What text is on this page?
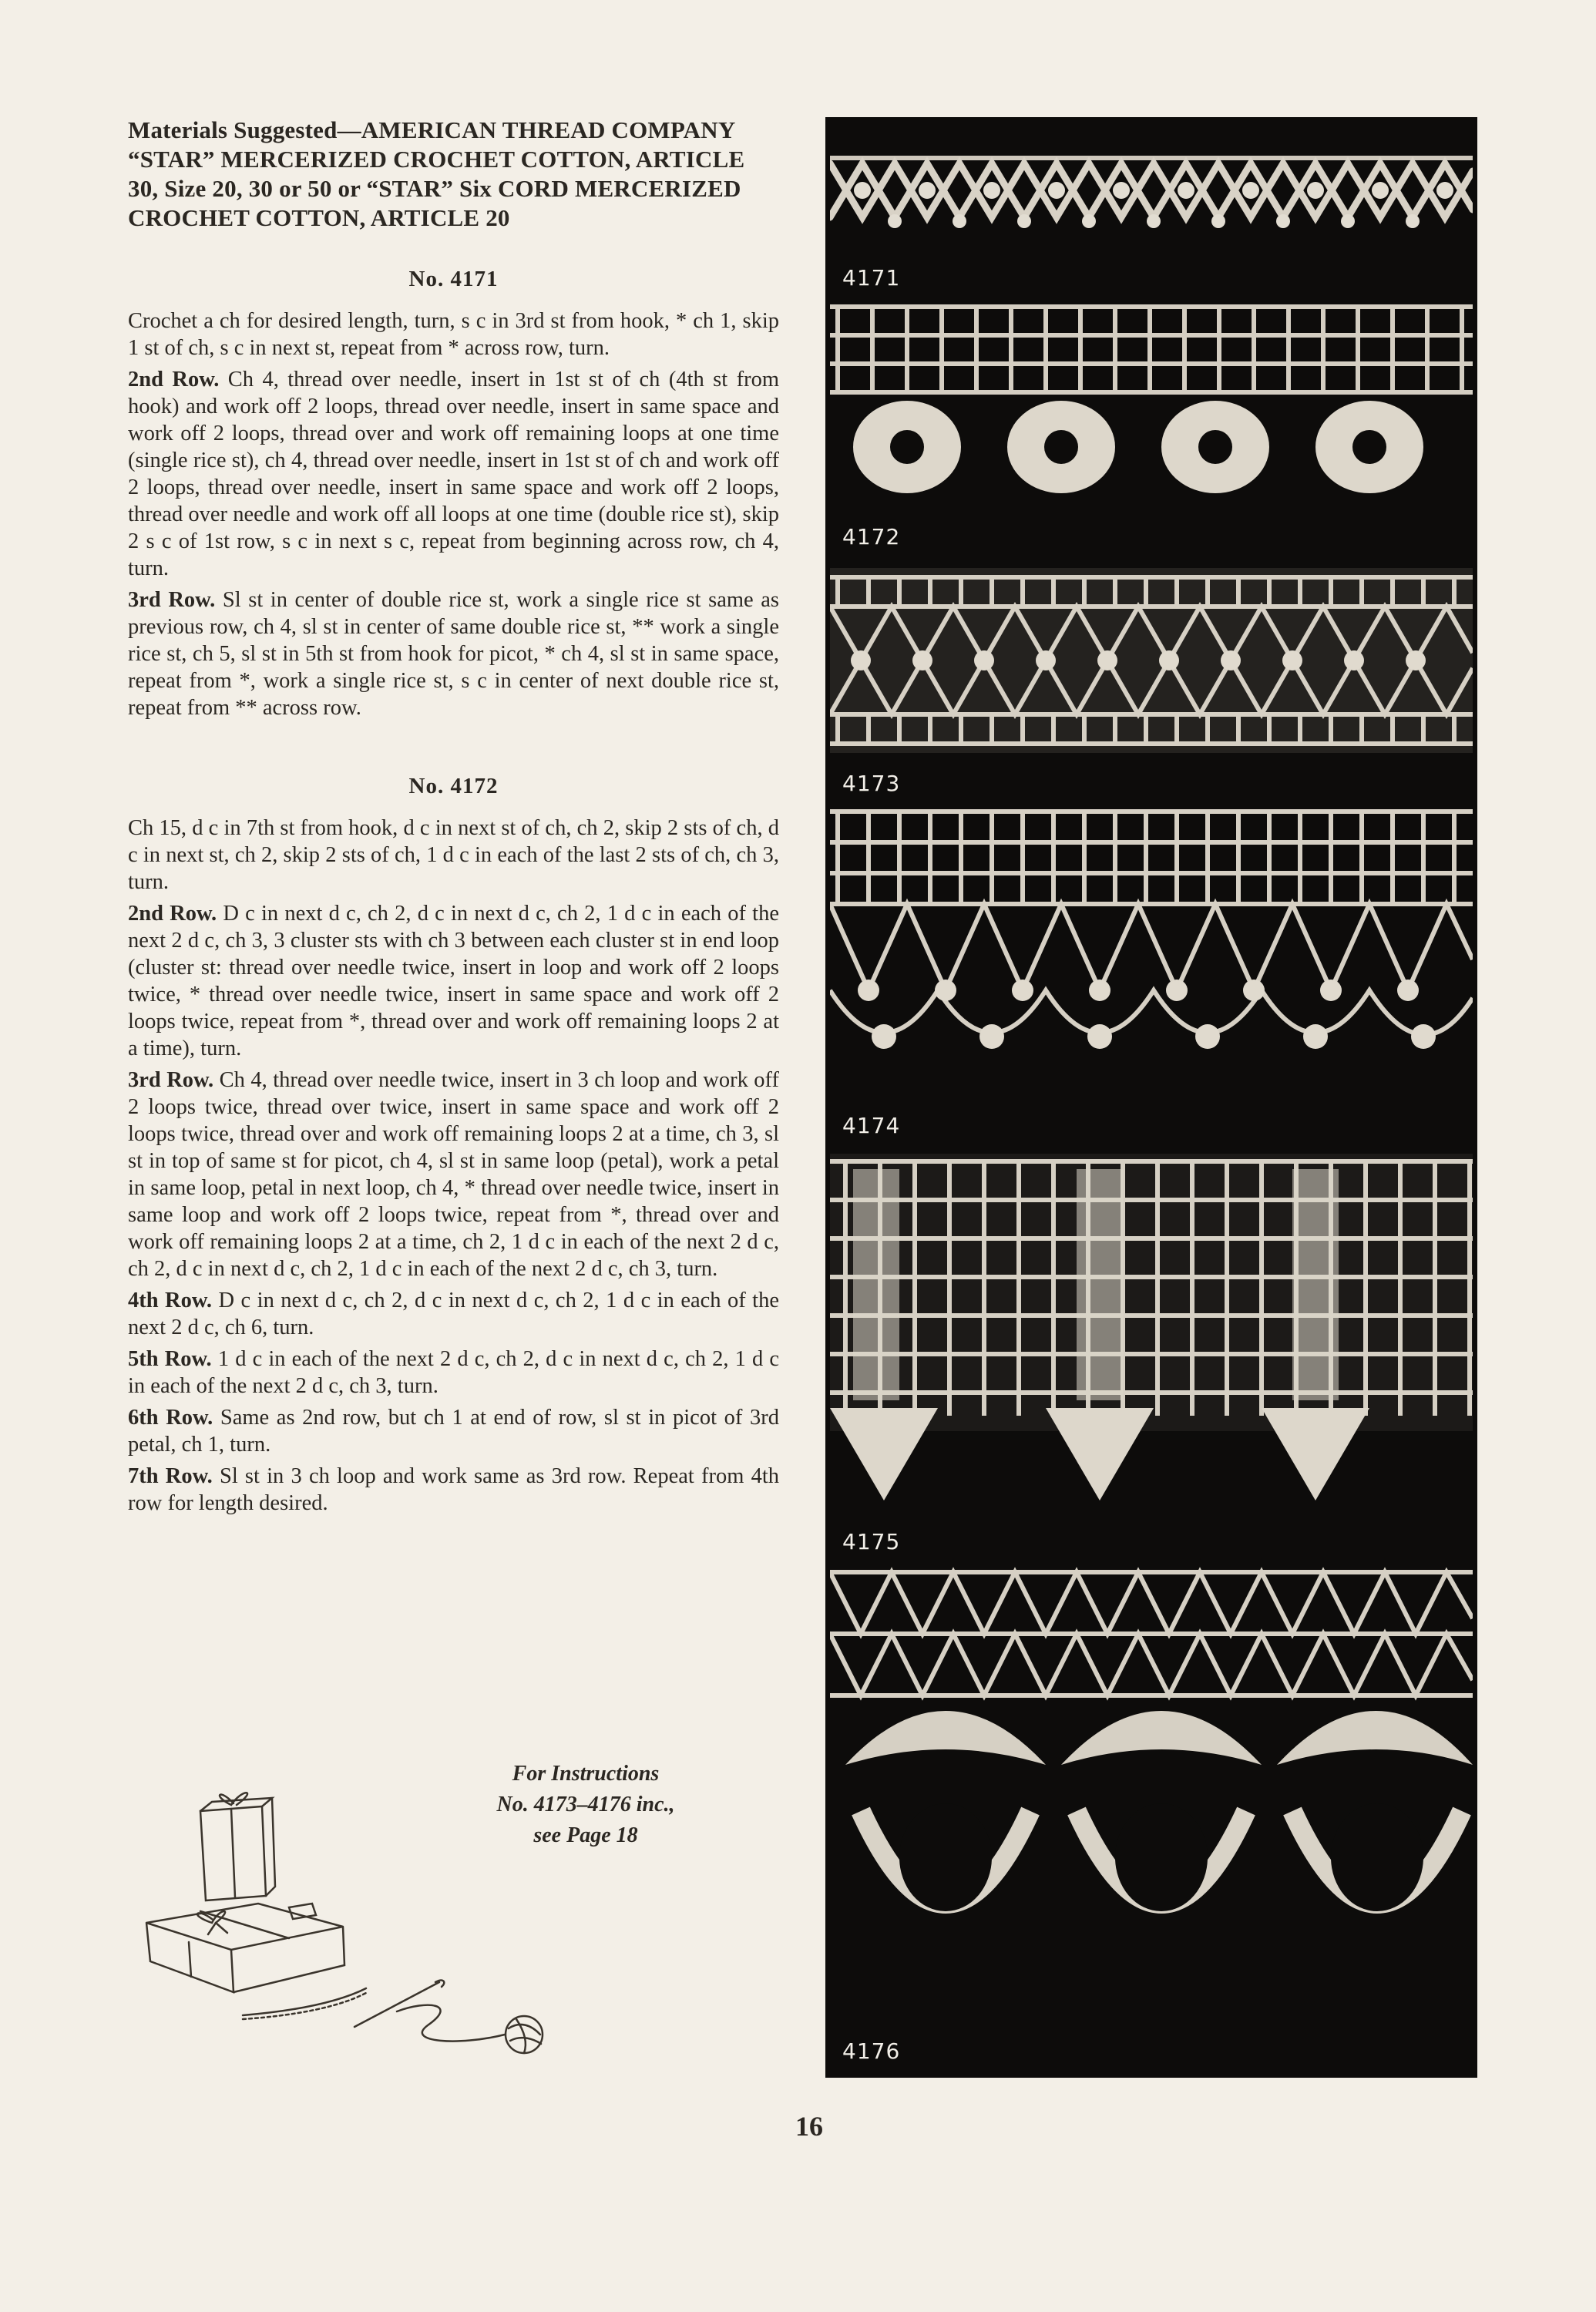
Materials Suggested—AMERICAN THREAD COMPANY “STAR” MERCERIZED CROCHET COTTON, ARTICLE 30, Size 20, 30 or 50 or “STAR” Six CORD MERCERIZED CROCHET COTTON, ARTICLE 20

No. 4171

Crochet a ch for desired length, turn, s c in 3rd st from hook, * ch 1, skip 1 st of ch, s c in next st, repeat from * across row, turn.

2nd Row. Ch 4, thread over needle, insert in 1st st of ch (4th st from hook) and work off 2 loops, thread over needle, insert in same space and work off 2 loops, thread over and work off remaining loops at one time (single rice st), ch 4, thread over needle, insert in 1st st of ch and work off 2 loops, thread over needle, insert in same space and work off 2 loops, thread over needle and work off all loops at one time (double rice st), skip 2 s c of 1st row, s c in next s c, repeat from beginning across row, ch 4, turn.

3rd Row. Sl st in center of double rice st, work a single rice st same as previous row, ch 4, sl st in center of same double rice st, ** work a single rice st, ch 5, sl st in 5th st from hook for picot, * ch 4, sl st in same space, repeat from *, work a single rice st, s c in center of next double rice st, repeat from ** across row.

No. 4172

Ch 15, d c in 7th st from hook, d c in next st of ch, ch 2, skip 2 sts of ch, d c in next st, ch 2, skip 2 sts of ch, 1 d c in each of the last 2 sts of ch, ch 3, turn.

2nd Row. D c in next d c, ch 2, d c in next d c, ch 2, 1 d c in each of the next 2 d c, ch 3, 3 cluster sts with ch 3 between each cluster st in end loop (cluster st: thread over needle twice, insert in loop and work off 2 loops twice, * thread over needle twice, insert in same space and work off 2 loops twice, repeat from *, thread over and work off remaining loops 2 at a time), turn.

3rd Row. Ch 4, thread over needle twice, insert in 3 ch loop and work off 2 loops twice, thread over twice, insert in same space and work off 2 loops twice, thread over and work off remaining loops 2 at a time, ch 3, sl st in top of same st for picot, ch 4, sl st in same loop (petal), work a petal in same loop, petal in next loop, ch 4, * thread over needle twice, insert in same loop and work off 2 loops twice, repeat from *, thread over and work off remaining loops 2 at a time, ch 2, 1 d c in each of the next 2 d c, ch 2, d c in next d c, ch 2, 1 d c in each of the next 2 d c, ch 3, turn.

4th Row. D c in next d c, ch 2, d c in next d c, ch 2, 1 d c in each of the next 2 d c, ch 6, turn.

5th Row. 1 d c in each of the next 2 d c, ch 2, d c in next d c, ch 2, 1 d c in each of the next 2 d c, ch 3, turn.

6th Row. Same as 2nd row, but ch 1 at end of row, sl st in picot of 3rd petal, ch 1, turn.

7th Row. Sl st in 3 ch loop and work same as 3rd row. Repeat from 4th row for length desired.

For Instructions
No. 4173–4176 inc.,
see Page 18
4171
4172
4173
4174
4175
4176
16
